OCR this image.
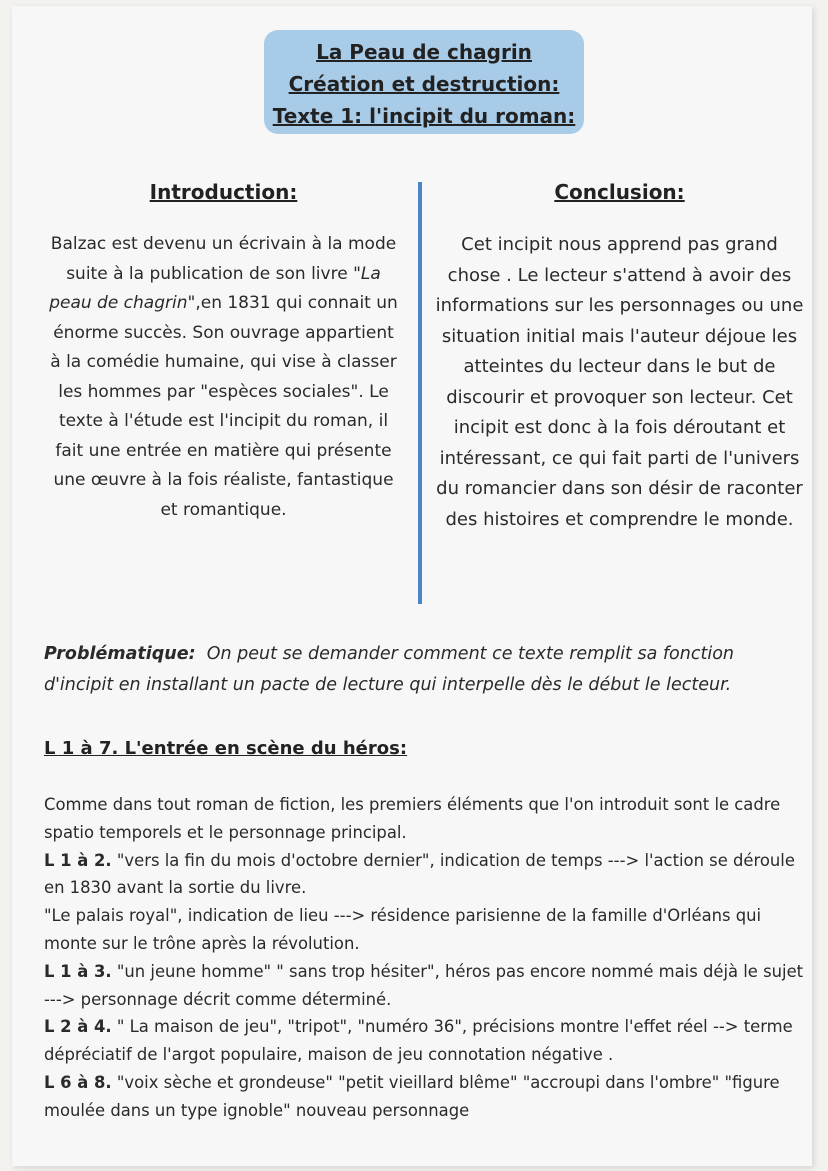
La Peau de chagrin
Création et destruction:
Texte 1: l'incipit du roman:
Introduction:

Balzac est devenu un écrivain à la mode suite à la publication de son livre "La peau de chagrin",en 1831 qui connait un énorme succès. Son ouvrage appartient à la comédie humaine, qui vise à classer les hommes par "espèces sociales". Le texte à l'étude est l'incipit du roman, il fait une entrée en matière qui présente une œuvre à la fois réaliste, fantastique et romantique.

Conclusion:

Cet incipit nous apprend pas grand chose . Le lecteur s'attend à avoir des informations sur les personnages ou une situation initial mais l'auteur déjoue les atteintes du lecteur dans le but de discourir et provoquer son lecteur. Cet incipit est donc à la fois déroutant et intéressant, ce qui fait parti de l'univers du romancier dans son désir de raconter des histoires et comprendre le monde.

Problématique: On peut se demander comment ce texte remplit sa fonction d'incipit en installant un pacte de lecture qui interpelle dès le début le lecteur.
L 1 à 7. L'entrée en scène du héros:

Comme dans tout roman de fiction, les premiers éléments que l'on introduit sont le cadre spatio temporels et le personnage principal.

L 1 à 2. "vers la fin du mois d'octobre dernier", indication de temps ---> l'action se déroule en 1830 avant la sortie du livre.

"Le palais royal", indication de lieu ---> résidence parisienne de la famille d'Orléans qui monte sur le trône après la révolution.

L 1 à 3. "un jeune homme" " sans trop hésiter", héros pas encore nommé mais déjà le sujet ---> personnage décrit comme déterminé.

L 2 à 4. " La maison de jeu", "tripot", "numéro 36", précisions montre l'effet réel --> terme dépréciatif de l'argot populaire, maison de jeu connotation négative .

L 6 à 8. "voix sèche et grondeuse" "petit vieillard blême" "accroupi dans l'ombre" "figure moulée dans un type ignoble" nouveau personnage
